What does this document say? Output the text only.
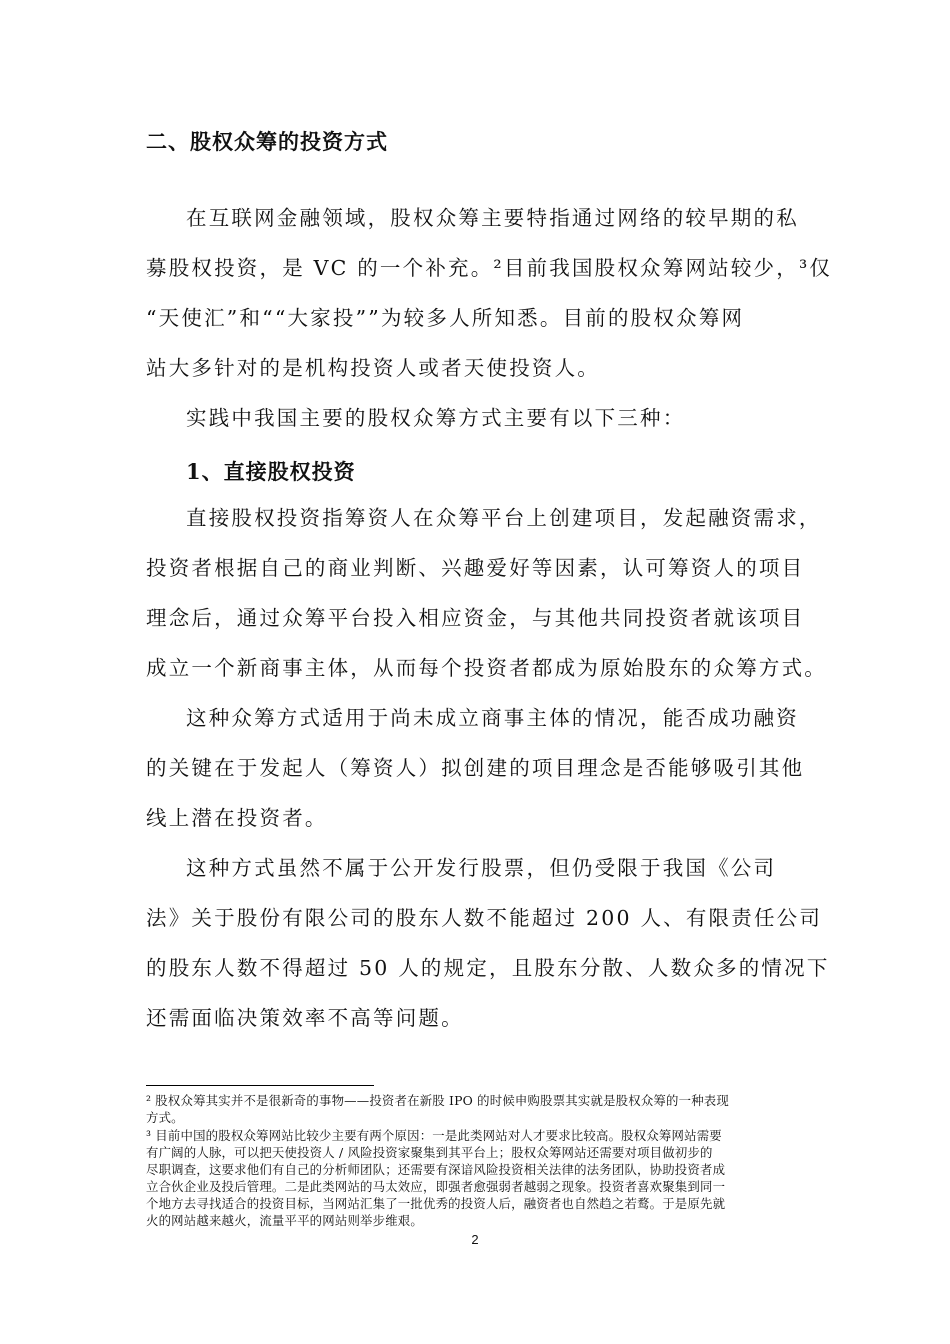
二、股权众筹的投资方式
在互联网金融领域，股权众筹主要特指通过网络的较早期的私
募股权投资，是 VC 的一个补充。²目前我国股权众筹网站较少，³仅
“天使汇”和““大家投””为较多人所知悉。目前的股权众筹网
站大多针对的是机构投资人或者天使投资人。
实践中我国主要的股权众筹方式主要有以下三种：
1、直接股权投资
直接股权投资指筹资人在众筹平台上创建项目，发起融资需求，
投资者根据自己的商业判断、兴趣爱好等因素，认可筹资人的项目
理念后，通过众筹平台投入相应资金，与其他共同投资者就该项目
成立一个新商事主体，从而每个投资者都成为原始股东的众筹方式。
这种众筹方式适用于尚未成立商事主体的情况，能否成功融资
的关键在于发起人（筹资人）拟创建的项目理念是否能够吸引其他
线上潜在投资者。
这种方式虽然不属于公开发行股票，但仍受限于我国《公司
法》关于股份有限公司的股东人数不能超过 200 人、有限责任公司
的股东人数不得超过 50 人的规定，且股东分散、人数众多的情况下
还需面临决策效率不高等问题。
² 股权众筹其实并不是很新奇的事物——投资者在新股 IPO 的时候申购股票其实就是股权众筹的一种表现
方式。
³ 目前中国的股权众筹网站比较少主要有两个原因：一是此类网站对人才要求比较高。股权众筹网站需要
有广阔的人脉，可以把天使投资人 / 风险投资家聚集到其平台上；股权众筹网站还需要对项目做初步的
尽职调查，这要求他们有自己的分析师团队；还需要有深谙风险投资相关法律的法务团队，协助投资者成
立合伙企业及投后管理。二是此类网站的马太效应，即强者愈强弱者越弱之现象。投资者喜欢聚集到同一
个地方去寻找适合的投资目标，当网站汇集了一批优秀的投资人后，融资者也自然趋之若鹜。于是原先就
火的网站越来越火，流量平平的网站则举步维艰。
2
